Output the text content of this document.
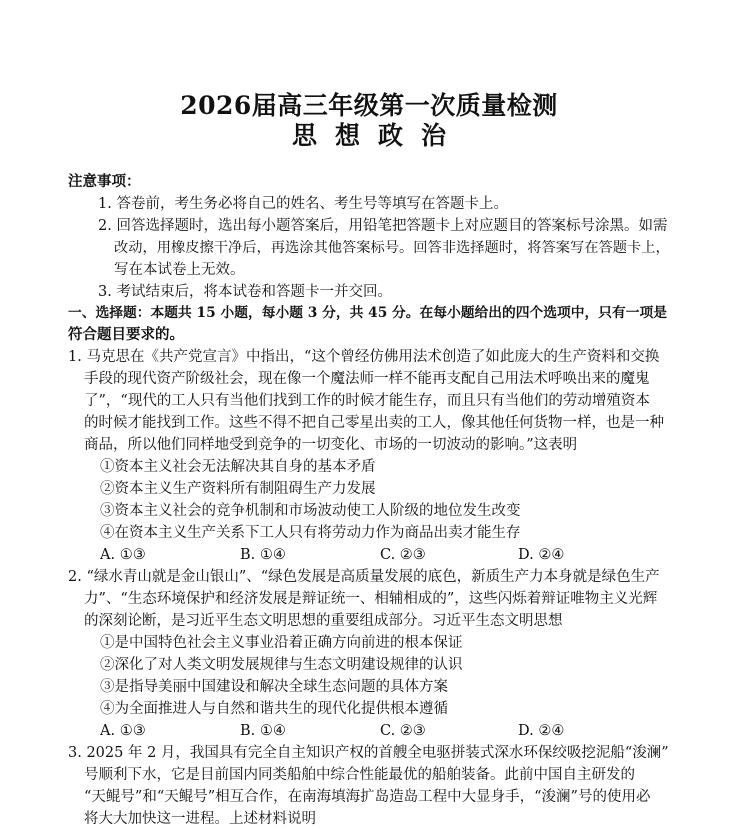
2026届高三年级第一次质量检测
思想政治
注意事项：
1. 答卷前，考生务必将自己的姓名、考生号等填写在答题卡上。
2. 回答选择题时，选出每小题答案后，用铅笔把答题卡上对应题目的答案标号涂黑。如需
改动，用橡皮擦干净后，再选涂其他答案标号。回答非选择题时，将答案写在答题卡上，
写在本试卷上无效。
3. 考试结束后，将本试卷和答题卡一并交回。
一、选择题：本题共 15 小题，每小题 3 分，共 45 分。在每小题给出的四个选项中，只有一项是
符合题目要求的。
1. 马克思在《共产党宣言》中指出，“这个曾经仿佛用法术创造了如此庞大的生产资料和交换
手段的现代资产阶级社会，现在像一个魔法师一样不能再支配自己用法术呼唤出来的魔鬼
了”，“现代的工人只有当他们找到工作的时候才能生存，而且只有当他们的劳动增殖资本
的时候才能找到工作。这些不得不把自己零星出卖的工人，像其他任何货物一样，也是一种
商品，所以他们同样地受到竞争的一切变化、市场的一切波动的影响。”这表明
①资本主义社会无法解决其自身的基本矛盾
②资本主义生产资料所有制阻碍生产力发展
③资本主义社会的竞争机制和市场波动使工人阶级的地位发生改变
④在资本主义生产关系下工人只有将劳动力作为商品出卖才能生存
A. ①③	B. ①④	C. ②③	D. ②④
2. “绿水青山就是金山银山”、“绿色发展是高质量发展的底色，新质生产力本身就是绿色生产
力”、“生态环境保护和经济发展是辩证统一、相辅相成的”，这些闪烁着辩证唯物主义光辉
的深刻论断，是习近平生态文明思想的重要组成部分。习近平生态文明思想
①是中国特色社会主义事业沿着正确方向前进的根本保证
②深化了对人类文明发展规律与生态文明建设规律的认识
③是指导美丽中国建设和解决全球生态问题的具体方案
④为全面推进人与自然和谐共生的现代化提供根本遵循
A. ①③	B. ①④	C. ②③	D. ②④
3. 2025 年 2 月，我国具有完全自主知识产权的首艘全电驱拼装式深水环保绞吸挖泥船“浚澜”
号顺利下水，它是目前国内同类船舶中综合性能最优的船舶装备。此前中国自主研发的
“天鲲号”和“天鲲号”相互合作，在南海填海扩岛造岛工程中大显身手，“浚澜”号的使用必
将大大加快这一进程。上述材料说明
